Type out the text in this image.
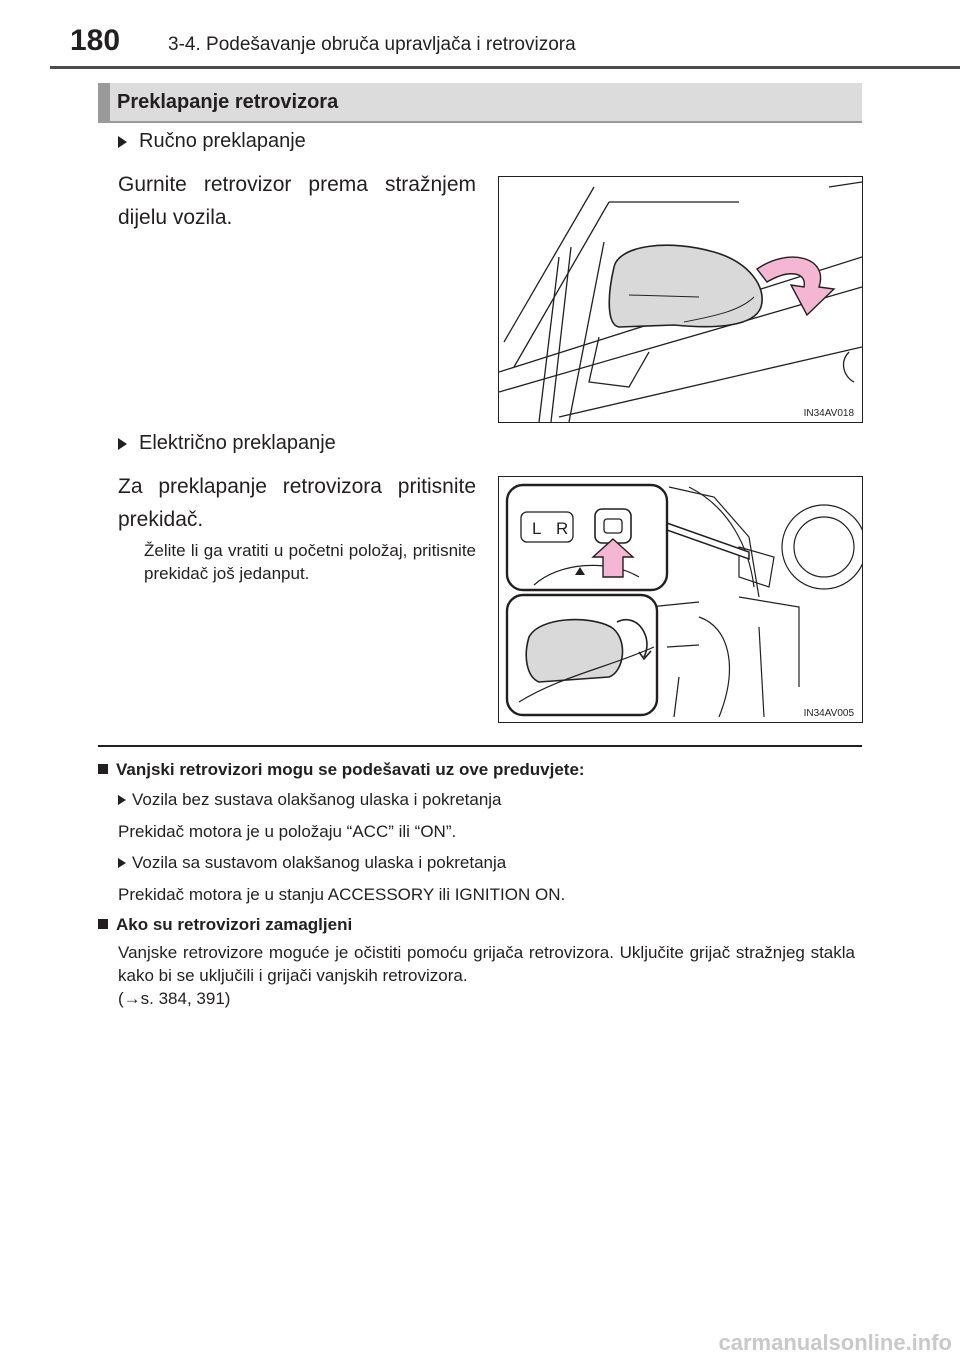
180	3-4. Podešavanje obruča upravljača i retrovizora
Preklapanje retrovizora
Ručno preklapanje
Gurnite retrovizor prema stražnjem dijelu vozila.
IN34AV018
Električno preklapanje
Za preklapanje retrovizora pritisnite prekidač.
Želite li ga vratiti u početni položaj, pritisnite prekidač još jedanput.
L R
IN34AV005
Vanjski retrovizori mogu se podešavati uz ove preduvjete:
Vozila bez sustava olakšanog ulaska i pokretanja
Prekidač motora je u položaju “ACC” ili “ON”.
Vozila sa sustavom olakšanog ulaska i pokretanja
Prekidač motora je u stanju ACCESSORY ili IGNITION ON.
Ako su retrovizori zamagljeni
Vanjske retrovizore moguće je očistiti pomoću grijača retrovizora. Uključite grijač stražnjeg stakla kako bi se uključili i grijači vanjskih retrovizora.
(→s. 384, 391)
carmanualsonline.info
